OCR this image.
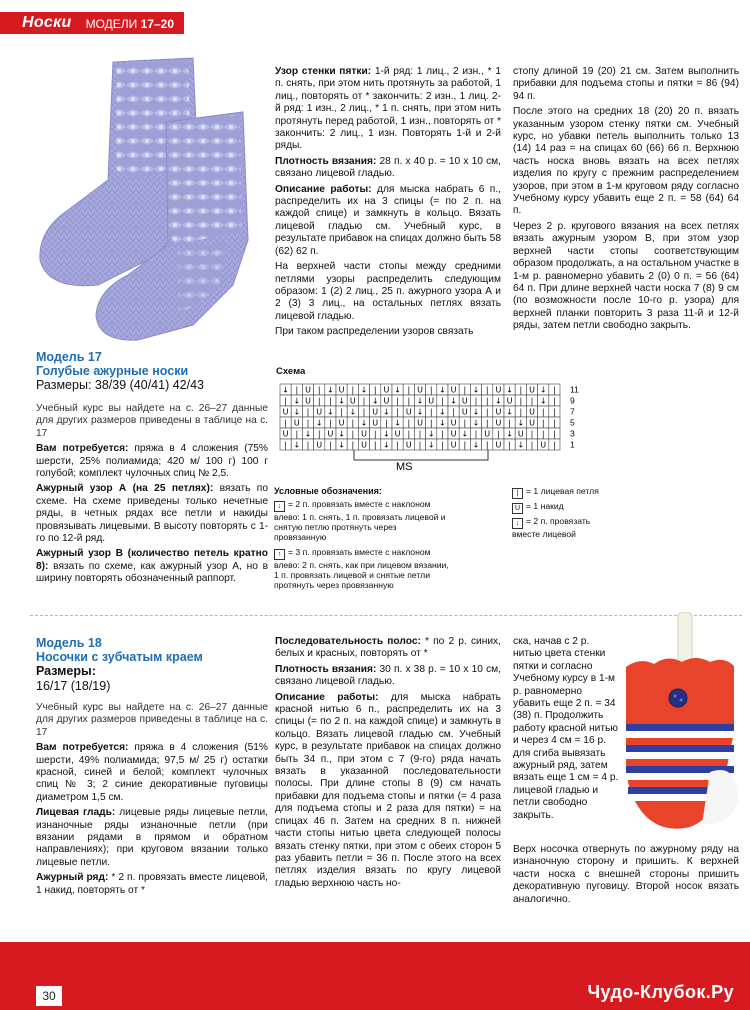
Носки	МОДЕЛИ 17–20
Модель 17
Голубые ажурные носки
Размеры: 38/39 (40/41) 42/43

Учебный курс вы найдете на с. 26–27 данные для других размеров приведены в таблице на с. 17

Вам потребуется: пряжа в 4 сложения (75% шерсти, 25% полиамида; 420 м/ 100 г) 100 г голубой; комплект чулочных спиц № 2,5.

Ажурный узор А (на 25 петлях): вязать по схеме. На схеме приведены только нечетные ряды, в четных рядах все петли и накиды провязывать лицевыми. В высоту повторять с 1-го по 12-й ряд.

Ажурный узор В (количество петель кратно 8): вязать по схеме, как ажурный узор А, но в ширину повторять обозначенный раппорт.

Узор стенки пятки: 1-й ряд: 1 лиц., 2 изн., * 1 п. снять, при этом нить протянуть за работой, 1 лиц., повторять от * закончить: 2 изн., 1 лиц. 2-й ряд: 1 изн., 2 лиц., * 1 п. снять, при этом нить протянуть перед работой, 1 изн., повторять от * закончить: 2 лиц., 1 изн. Повторять 1-й и 2-й ряды.

Плотность вязания: 28 п. x 40 р. = 10 x 10 см, связано лицевой гладью.

Описание работы: для мыска набрать 6 п., распределить их на 3 спицы (= по 2 п. на каждой спице) и замкнуть в кольцо. Вязать лицевой гладью см. Учебный курс, в результате прибавок на спицах должно быть 58 (62) 62 п.

На верхней части стопы между средними петлями узоры распределить следующим образом: 1 (2) 2 лиц., 25 п. ажурного узора А и 2 (3) 3 лиц., на остальных петлях вязать лицевой гладью.

При таком распределении узоров связать

стопу длиной 19 (20) 21 см. Затем выполнить прибавки для подъема стопы и пятки = 86 (94) 94 п.

После этого на средних 18 (20) 20 п. вязать указанным узором стенку пятки см. Учебный курс, но убавки петель выполнить только 13 (14) 14 раз = на спицах 60 (66) 66 п. Верхнюю часть носка вновь вязать на всех петлях изделия по кругу с прежним распределением узоров, при этом в 1-м круговом ряду согласно Учебному курсу убавить еще 2 п. = 58 (64) 64 п.

Через 2 р. кругового вязания на всех петлях вязать ажурным узором В, при этом узор верхней части стопы соответствующим образом продолжать, а на остальном участке в 1-м р. равномерно убавить 2 (0) 0 п. = 56 (64) 64 п. При длине верхней части носка 7 (8) 9 см (по возможности после 10-го р. узора) для верхней планки повторить 3 раза 11-й и 12-й ряды, затем петли свободно закрыть.

Схема
↓ | U | ↓ U | ↓ | U ↓ | U | ↓ U | ↓ | U ↓ | U ↓ |
| ↓ U | | ↓ U | ↓ U | | ↓ U | ↓ U | | ↓ U | | ↓ |
U ↓ | U ↓ | ↓ | U ↓ | U ↓ | ↓ | U ↓ | U ↓ | U | |
| U | ↓ | U | ↓ U | ↓ | U | ↓ U | ↓ | U | ↓ U | |
U | ↓ | U ↓ | U | ↓ U | | ↓ | U ↓ | U | ↓ U | | |
| ↓ | U | ↓ | U | ↓ | U | ↓ | U | ↓ | U | ↓ | U |
11
9
7
5
3
1
MS
Условные обозначения:
↓ = 2 п. провязать вместе с наклоном влево: 1 п. снять, 1 п. провязать лицевой и снятую петлю протянуть через провязанную
↑ = 3 п. провязать вместе с наклоном влево: 2 п. снять, как при лицевом вязании, 1 п. провязать лицевой и снятые петли протянуть через провязанную
| = 1 лицевая петля
U = 1 накид
↓ = 2 п. провязать вместе лицевой
Модель 18
Носочки с зубчатым краем
Размеры:
16/17 (18/19)

Учебный курс вы найдете на с. 26–27 данные для других размеров приведены в таблице на с. 17

Вам потребуется: пряжа в 4 сложения (51% шерсти, 49% полиамида; 97,5 м/ 25 г) остатки красной, синей и белой; комплект чулочных спиц № 3; 2 синие декоративные пуговицы диаметром 1,5 см.

Лицевая гладь: лицевые ряды лицевые петли, изнаночные ряды изнаночные петли (при вязании рядами в прямом и обратном направлениях); при круговом вязании только лицевые петли.

Ажурный ряд: * 2 п. провязать вместе лицевой, 1 накид, повторять от *

Последовательность полос: * по 2 р. синих, белых и красных, повторять от *

Плотность вязания: 30 п. x 38 р. = 10 x 10 см, связано лицевой гладью.

Описание работы: для мыска набрать красной нитью 6 п., распределить их на 3 спицы (= по 2 п. на каждой спице) и замкнуть в кольцо. Вязать лицевой гладью см. Учебный курс, в результате прибавок на спицах должно быть 34 п., при этом с 7 (9-го) ряда начать вязать в указанной последовательности полосы. При длине стопы 8 (9) см начать прибавки для подъема стопы и пятки (= 4 раза для подъема стопы и 2 раза для пятки) = на спицах 46 п. Затем на средних 8 п. нижней части стопы нитью цвета следующей полосы вязать стенку пятки, при этом с обеих сторон 5 раз убавить петли = 36 п. После этого на всех петлях изделия вязать по кругу лицевой гладью верхнюю часть но-

ска, начав с 2 р. нитью цвета стенки пятки и согласно Учебному курсу в 1-м р. равномерно убавить еще 2 п. = 34 (38) п. Продолжить работу красной нитью и через 4 см = 16 р. для сгиба вывязать ажурный ряд, затем вязать еще 1 см = 4 р. лицевой гладью и петли свободно закрыть.

Верх носочка отвернуть по ажурному ряду на изнаночную сторону и пришить. К верхней части носка с внешней стороны пришить декоративную пуговицу. Второй носок вязать аналогично.

30	Чудо-Клубок.Ру
